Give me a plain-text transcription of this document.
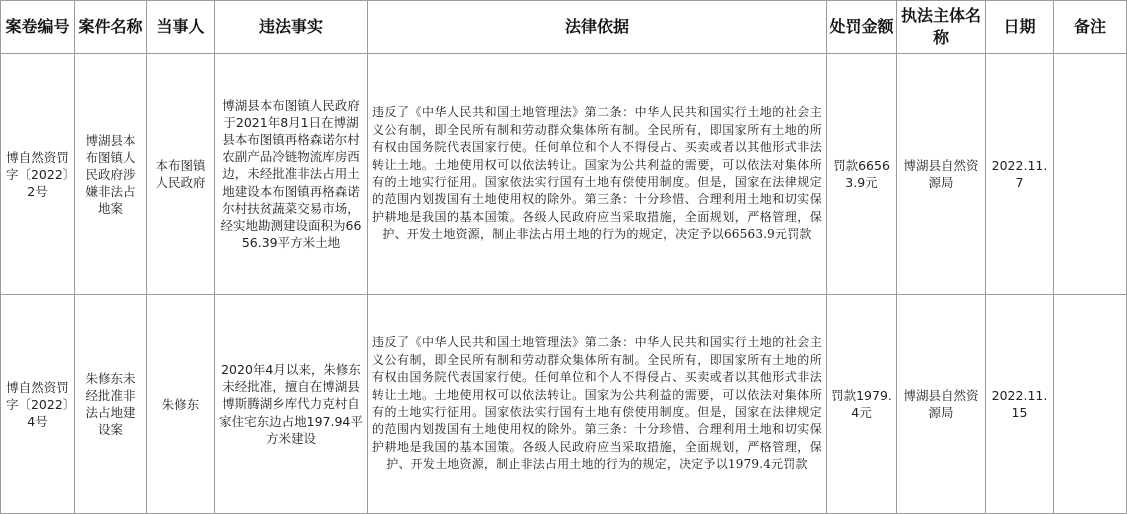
案卷编号	案件名称	当事人	违法事实	法律依据	处罚金额	执法主体名称	日期	备注
博自然资罚字〔2022〕2号	博湖县本布图镇人民政府涉嫌非法占地案	本布图镇人民政府	博湖县本布图镇人民政府于2021年8月1日在博湖县本布图镇再格森诺尔村农副产品冷链物流库房西边，未经批准非法占用土地建设本布图镇再格森诺尔村扶贫蔬菜交易市场，经实地勘测建设面积为6656.39平方米土地	违反了《中华人民共和国土地管理法》第二条：中华人民共和国实行土地的社会主义公有制，即全民所有制和劳动群众集体所有制。全民所有，即国家所有土地的所有权由国务院代表国家行使。任何单位和个人不得侵占、买卖或者以其他形式非法转让土地。土地使用权可以依法转让。国家为公共利益的需要，可以依法对集体所有的土地实行征用。国家依法实行国有土地有偿使用制度。但是，国家在法律规定的范围内划拨国有土地使用权的除外。第三条：十分珍惜、合理利用土地和切实保护耕地是我国的基本国策。各级人民政府应当采取措施，全面规划，严格管理，保护、开发土地资源，制止非法占用土地的行为的规定，决定予以66563.9元罚款	罚款66563.9元	博湖县自然资源局	2022.11.7	
博自然资罚字〔2022〕4号	朱修东未经批准非法占地建设案	朱修东	2020年4月以来，朱修东未经批准，擅自在博湖县博斯腾湖乡库代力克村自家住宅东边占地197.94平方米建设	违反了《中华人民共和国土地管理法》第二条：中华人民共和国实行土地的社会主义公有制，即全民所有制和劳动群众集体所有制。全民所有，即国家所有土地的所有权由国务院代表国家行使。任何单位和个人不得侵占、买卖或者以其他形式非法转让土地。土地使用权可以依法转让。国家为公共利益的需要，可以依法对集体所有的土地实行征用。国家依法实行国有土地有偿使用制度。但是，国家在法律规定的范围内划拨国有土地使用权的除外。第三条：十分珍惜、合理利用土地和切实保护耕地是我国的基本国策。各级人民政府应当采取措施，全面规划，严格管理，保护、开发土地资源，制止非法占用土地的行为的规定，决定予以1979.4元罚款	罚款1979.4元	博湖县自然资源局	2022.11.15	
